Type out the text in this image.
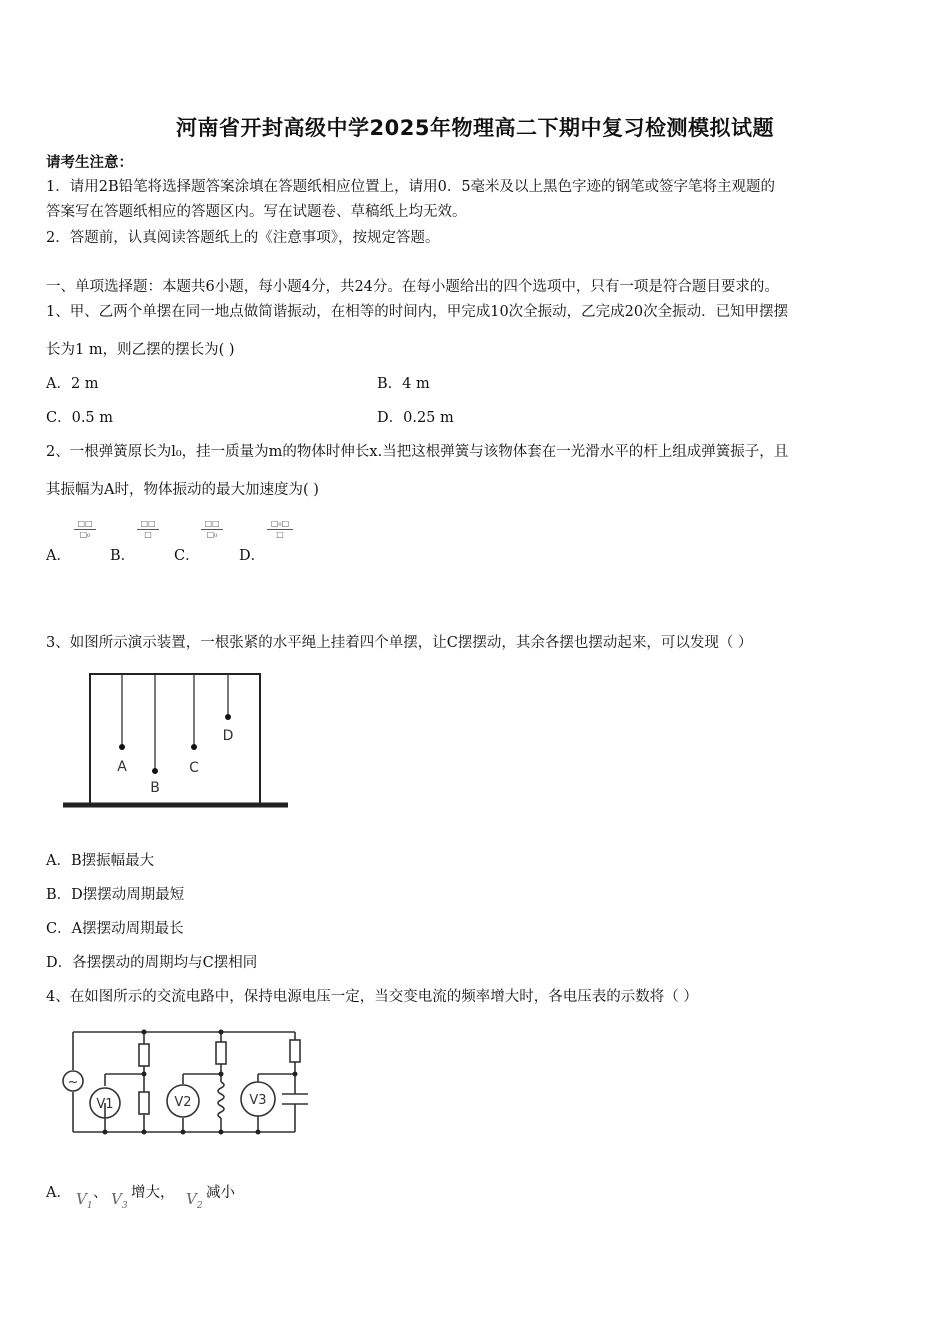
河南省开封高级中学2025年物理高二下期中复习检测模拟试题
请考生注意：
1．请用2B铅笔将选择题答案涂填在答题纸相应位置上，请用0．5毫米及以上黑色字迹的钢笔或签字笔将主观题的
答案写在答题纸相应的答题区内。写在试题卷、草稿纸上均无效。
2．答题前，认真阅读答题纸上的《注意事项》，按规定答题。
一、单项选择题：本题共6小题，每小题4分，共24分。在每小题给出的四个选项中，只有一项是符合题目要求的。
1、甲、乙两个单摆在同一地点做简谐振动，在相等的时间内，甲完成10次全振动，乙完成20次全振动．已知甲摆摆
长为1 m，则乙摆的摆长为( )
A．2 m	B．4 m
C．0.5 m	D．0.25 m
2、一根弹簧原长为l₀，挂一质量为m的物体时伸长x.当把这根弹簧与该物体套在一光滑水平的杆上组成弹簧振子，且
其振幅为A时，物体振动的最大加速度为( )
A．
□□
□₀
B．
□□
□
C．
□□
□₀
D．
□₀□
□
3、如图所示演示装置，一根张紧的水平绳上挂着四个单摆，让C摆摆动，其余各摆也摆动起来，可以发现（ ）
A
B
C
D
A．B摆振幅最大
B．D摆摆动周期最短
C．A摆摆动周期最长
D．各摆摆动的周期均与C摆相同
4、在如图所示的交流电路中，保持电源电压一定，当交变电流的频率增大时，各电压表的示数将（ ）
~
V1	V2	V3
A． $V_1$
、 $V_3$
增大， $V_2$
减小
